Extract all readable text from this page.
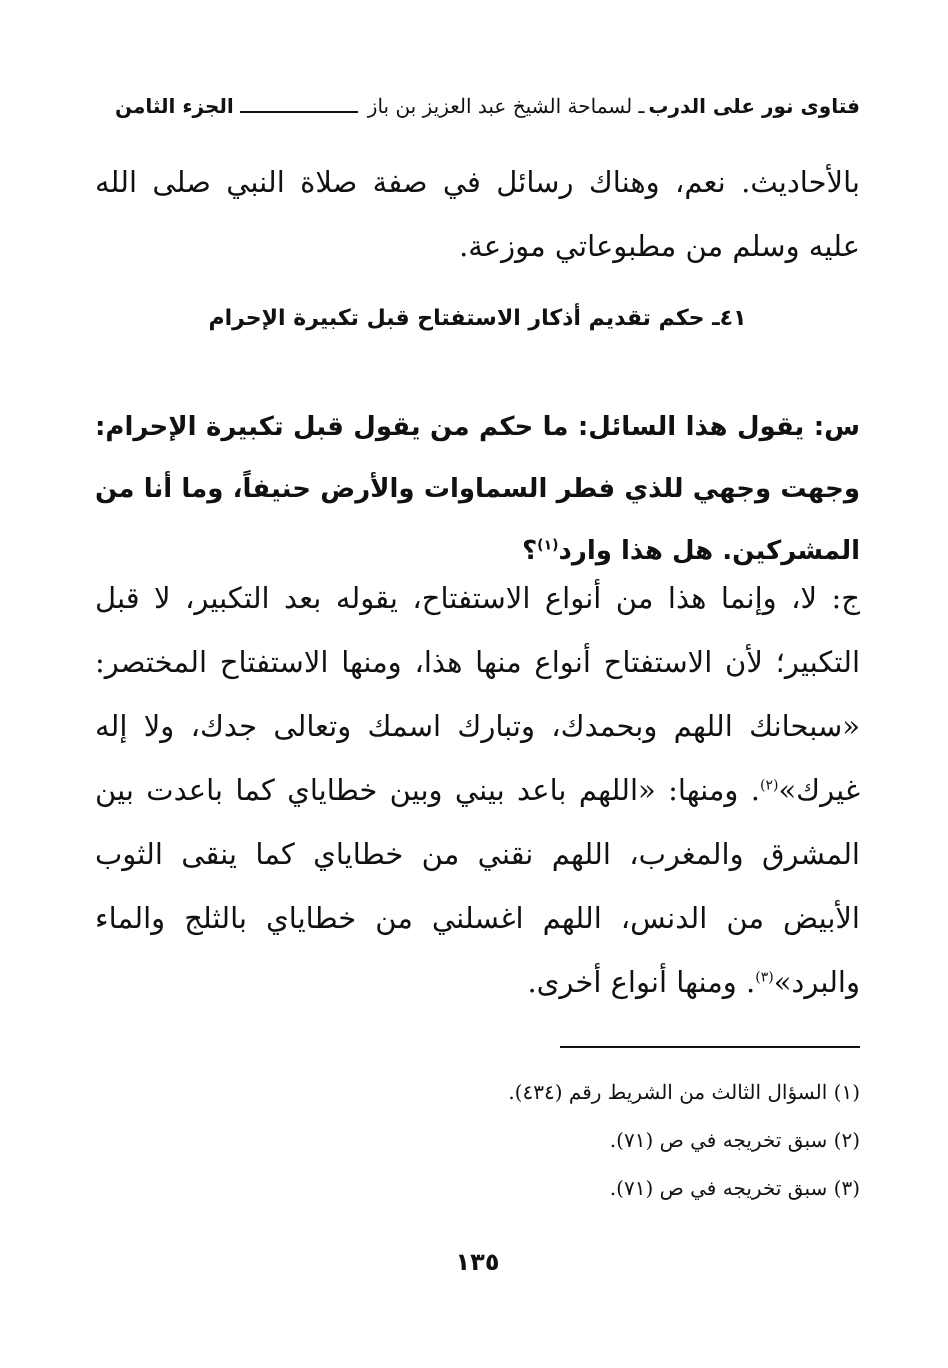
فتاوى نور على الدرب
ـ لسماحة الشيخ عبد العزيز بن باز
الجزء الثامن

بالأحاديث. نعم، وهناك رسائل في صفة صلاة النبي صلى الله عليه وسلم من مطبوعاتي موزعة.

٤١ـ حكم تقديم أذكار الاستفتاح قبل تكبيرة الإحرام

س: يقول هذا السائل: ما حكم من يقول قبل تكبيرة الإحرام: وجهت وجهي للذي فطر السماوات والأرض حنيفاً، وما أنا من المشركين. هل هذا وارد$^{(١)}$؟

ج: لا، وإنما هذا من أنواع الاستفتاح، يقوله بعد التكبير، لا قبل التكبير؛ لأن الاستفتاح أنواع منها هذا، ومنها الاستفتاح المختصر: «سبحانك اللهم وبحمدك، وتبارك اسمك وتعالى جدك، ولا إله غيرك»$^{(٢)}$. ومنها: «اللهم باعد بيني وبين خطاياي كما باعدت بين المشرق والمغرب، اللهم نقني من خطاياي كما ينقى الثوب الأبيض من الدنس، اللهم اغسلني من خطاياي بالثلج والماء والبرد»$^{(٣)}$. ومنها أنواع أخرى.

(١) السؤال الثالث من الشريط رقم (٤٣٤).
(٢) سبق تخريجه في ص (٧١).
(٣) سبق تخريجه في ص (٧١).
١٣٥
